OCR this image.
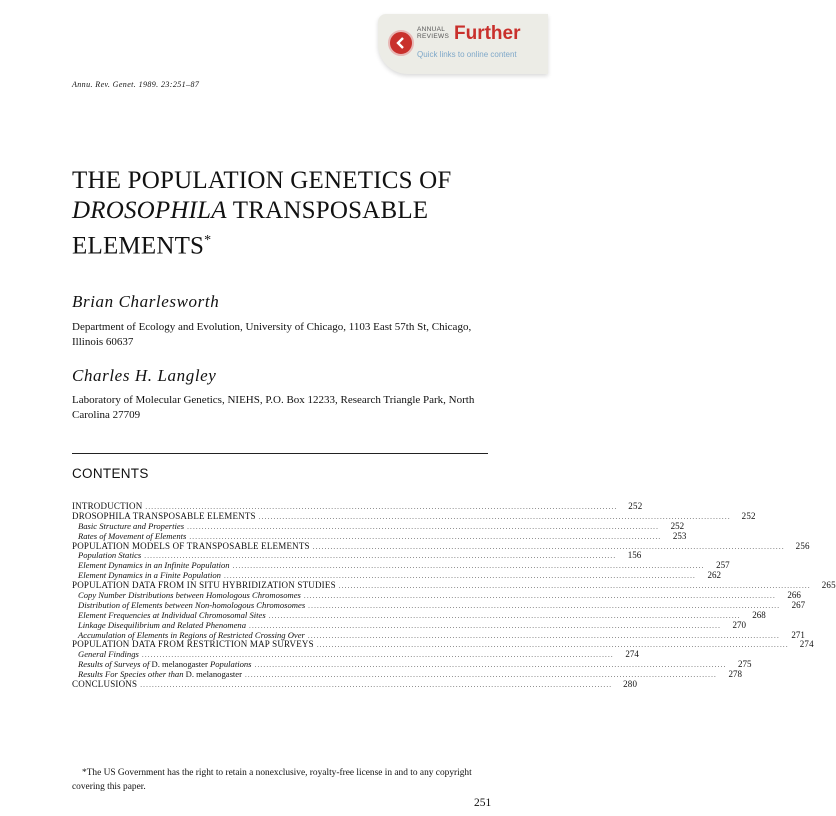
ANNUAL
REVIEWS Further
Quick links to online content
Annu. Rev. Genet. 1989. 23:251–87
THE POPULATION GENETICS OF
DROSOPHILA TRANSPOSABLE
ELEMENTS*
Brian Charlesworth
Department of Ecology and Evolution, University of Chicago, 1103 East 57th St, Chicago, Illinois 60637
Charles H. Langley
Laboratory of Molecular Genetics, NIEHS, P.O. Box 12233, Research Triangle Park, North Carolina 27709
CONTENTS
INTRODUCTION ................................................................................................................................................................	252
DROSOPHILA TRANSPOSABLE ELEMENTS ................................................................................................................................................................	252
Basic Structure and Properties ................................................................................................................................................................	252
Rates of Movement of Elements ................................................................................................................................................................	253
POPULATION MODELS OF TRANSPOSABLE ELEMENTS ................................................................................................................................................................	256
Population Statics ................................................................................................................................................................	156
Element Dynamics in an Infinite Population ................................................................................................................................................................	257
Element Dynamics in a Finite Population ................................................................................................................................................................	262
POPULATION DATA FROM IN SITU HYBRIDIZATION STUDIES ................................................................................................................................................................	265
Copy Number Distributions between Homologous Chromosomes ................................................................................................................................................................	266
Distribution of Elements between Non-homologous Chromosomes ................................................................................................................................................................	267
Element Frequencies at Individual Chromosomal Sites ................................................................................................................................................................	268
Linkage Disequilibrium and Related Phenomena ................................................................................................................................................................	270
Accumulation of Elements in Regions of Restricted Crossing Over ................................................................................................................................................................	271
POPULATION DATA FROM RESTRICTION MAP SURVEYS ................................................................................................................................................................	274
General Findings ................................................................................................................................................................	274
Results of Surveys of D. melanogaster Populations ................................................................................................................................................................	275
Results For Species other than D. melanogaster ................................................................................................................................................................	278
CONCLUSIONS ................................................................................................................................................................	280
*The US Government has the right to retain a nonexclusive, royalty-free license in and to any copyright covering this paper.
251
